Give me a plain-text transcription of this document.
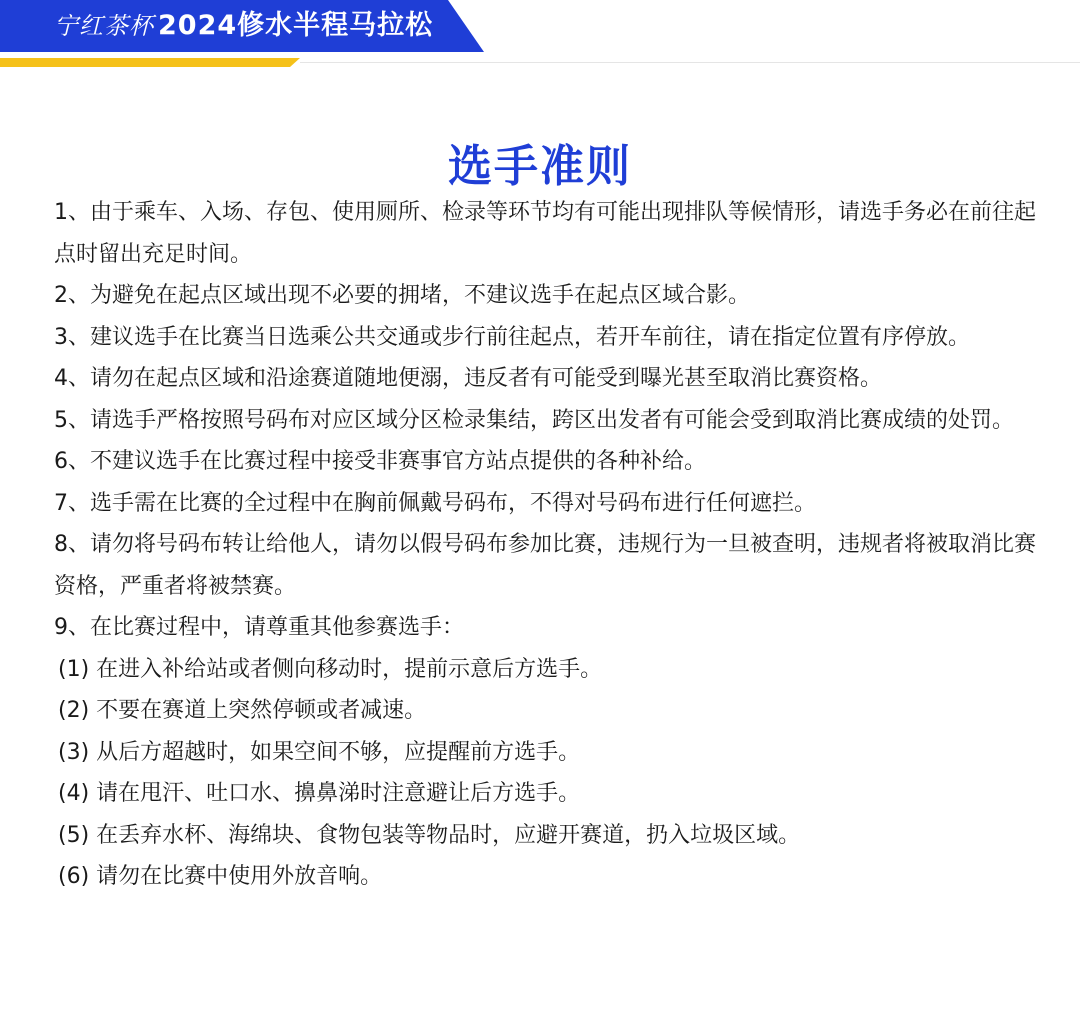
宁红茶杯 2024修水半程马拉松
选手准则

1、由于乘车、入场、存包、使用厕所、检录等环节均有可能出现排队等候情形，请选手务必在前往起点时留出充足时间。

2、为避免在起点区域出现不必要的拥堵，不建议选手在起点区域合影。

3、建议选手在比赛当日选乘公共交通或步行前往起点，若开车前往，请在指定位置有序停放。

4、请勿在起点区域和沿途赛道随地便溺，违反者有可能受到曝光甚至取消比赛资格。

5、请选手严格按照号码布对应区域分区检录集结，跨区出发者有可能会受到取消比赛成绩的处罚。

6、不建议选手在比赛过程中接受非赛事官方站点提供的各种补给。

7、选手需在比赛的全过程中在胸前佩戴号码布，不得对号码布进行任何遮拦。

8、请勿将号码布转让给他人，请勿以假号码布参加比赛，违规行为一旦被查明，违规者将被取消比赛资格，严重者将被禁赛。

9、在比赛过程中，请尊重其他参赛选手：

(1) 在进入补给站或者侧向移动时，提前示意后方选手。

(2) 不要在赛道上突然停顿或者减速。

(3) 从后方超越时，如果空间不够，应提醒前方选手。

(4) 请在甩汗、吐口水、擤鼻涕时注意避让后方选手。

(5) 在丢弃水杯、海绵块、食物包装等物品时，应避开赛道，扔入垃圾区域。

(6) 请勿在比赛中使用外放音响。
